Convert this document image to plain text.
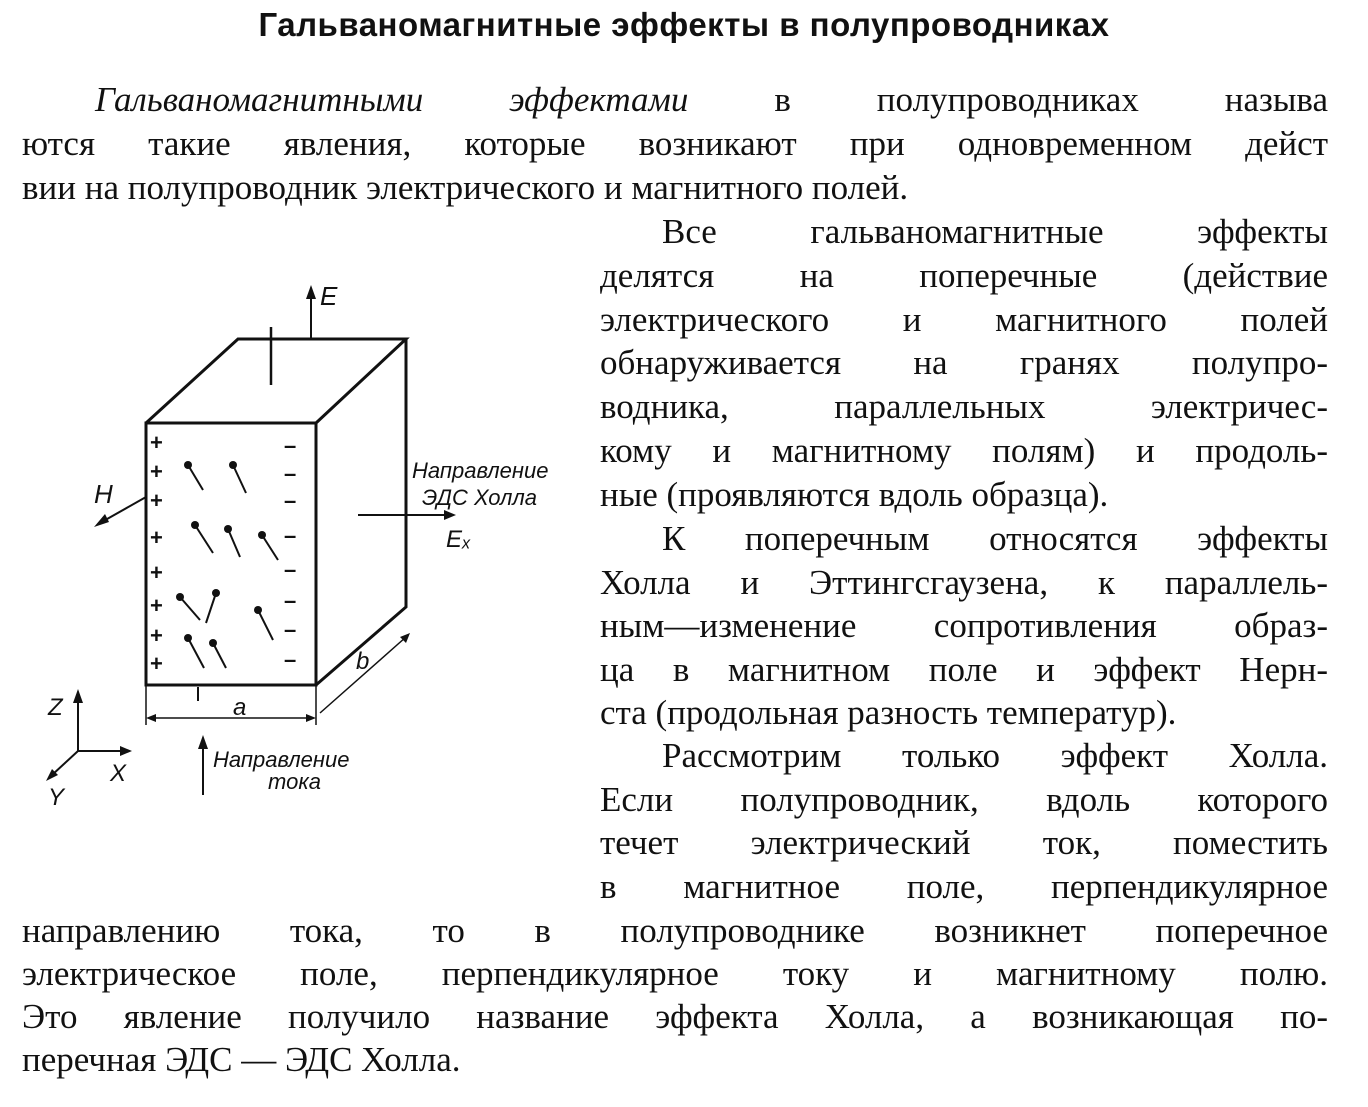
Гальваномагнитные эффекты в полупроводниках
Гальваномагнитными эффектами в полупроводниках называ
ются такие явления, которые возникают при одновременном дейст
вии на полупроводник электрического и магнитного полей.
Все гальваномагнитные эффекты
делятся на поперечные (действие
электрического и магнитного полей
обнаруживается на гранях полупро-
водника, параллельных электричес-
кому и магнитному полям) и продоль-
ные (проявляются вдоль образца).
К поперечным относятся эффекты
Холла и Эттингсгаузена, к параллель-
ным—изменение сопротивления образ-
ца в магнитном поле и эффект Нерн-
ста (продольная разность температур).
Рассмотрим только эффект Холла.
Если полупроводник, вдоль которого
течет электрический ток, поместить
в магнитное поле, перпендикулярное
направлению тока, то в полупроводнике возникнет поперечное
электрическое поле, перпендикулярное току и магнитному полю.
Это явление получило название эффекта Холла, а возникающая по-
перечная ЭДС — ЭДС Холла.
+
+
+
+
+
+
+
+
–
–
–
–
–
–
–
–
E
H
Направление
ЭДС Холла
Eₓ
a
b
Z
X
Y
Направление
тока
